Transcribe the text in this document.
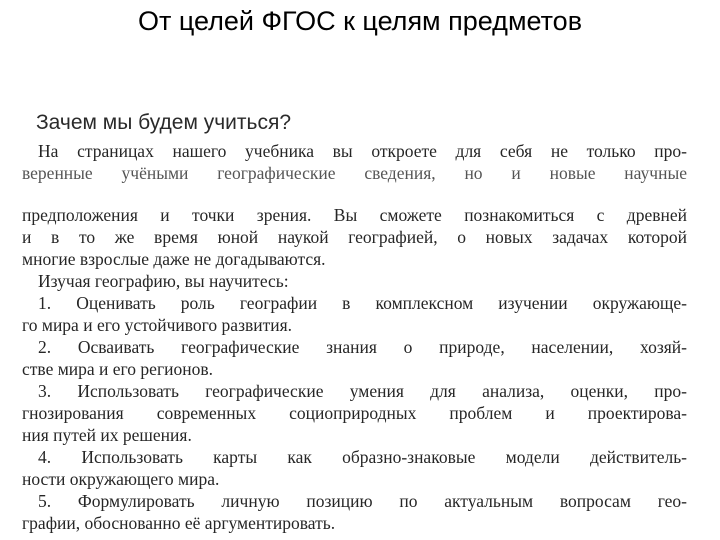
От целей ФГОС к целям предметов
Зачем мы будем учиться?
На страницах нашего учебника вы откроете для себя не только про-
веренные учёными географические сведения, но и новые научные
предположения и точки зрения. Вы сможете познакомиться с древней
и в то же время юной наукой географией, о новых задачах которой
многие взрослые даже не догадываются.
Изучая географию, вы научитесь:
1. Оценивать роль географии в комплексном изучении окружающе-
го мира и его устойчивого развития.
2. Осваивать географические знания о природе, населении, хозяй-
стве мира и его регионов.
3. Использовать географические умения для анализа, оценки, про-
гнозирования современных социоприродных проблем и проектирова-
ния путей их решения.
4. Использовать карты как образно-знаковые модели действитель-
ности окружающего мира.
5. Формулировать личную позицию по актуальным вопросам гео-
графии, обоснованно её аргументировать.
